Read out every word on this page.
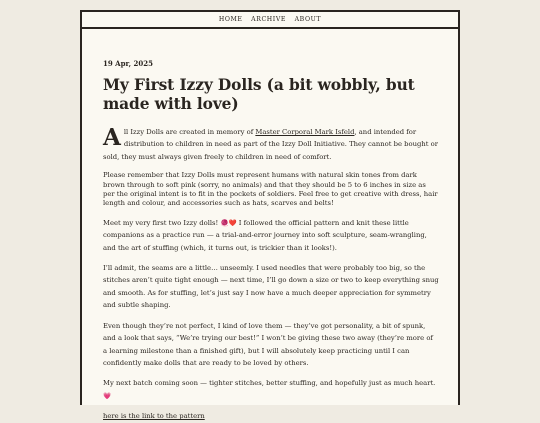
HOME ARCHIVE ABOUT
19 Apr, 2025
My First Izzy Dolls (a bit wobbly, but made with love)

All Izzy Dolls are created in memory of Master Corporal Mark Isfeld, and intended for distribution to children in need as part of the Izzy Doll Initiative. They cannot be bought or sold, they must always given freely to children in need of comfort.

Please remember that Izzy Dolls must represent humans with natural skin tones from dark brown through to soft pink (sorry, no animals) and that they should be 5 to 6 inches in size as per the original intent is to fit in the pockets of soldiers. Feel free to get creative with dress, hair length and colour, and accessories such as hats, scarves and belts!

Meet my very first two Izzy dolls! 🧶❤️ I followed the official pattern and knit these little companions as a practice run — a trial-and-error journey into soft sculpture, seam-wrangling, and the art of stuffing (which, it turns out, is trickier than it looks!).

I’ll admit, the seams are a little… unseemly. I used needles that were probably too big, so the stitches aren’t quite tight enough — next time, I’ll go down a size or two to keep everything snug and smooth. As for stuffing, let’s just say I now have a much deeper appreciation for symmetry and subtle shaping.

Even though they’re not perfect, I kind of love them — they’ve got personality, a bit of spunk, and a look that says, “We’re trying our best!” I won’t be giving these two away (they’re more of a learning milestone than a finished gift), but I will absolutely keep practicing until I can confidently make dolls that are ready to be loved by others.

My next batch coming soon — tighter stitches, better stuffing, and hopefully just as much heart. 💗

here is the link to the pattern
